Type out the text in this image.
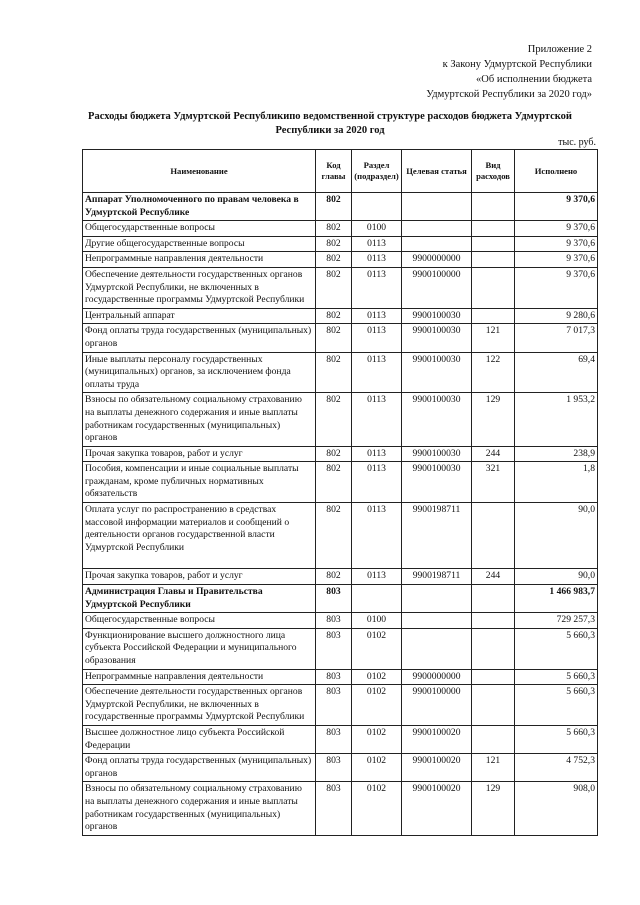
Приложение 2
к Закону Удмуртской Республики
«Об исполнении бюджета
Удмуртской Республики за 2020 год»
Расходы бюджета Удмуртской Республикипо ведомственной структуре расходов бюджета Удмуртской Республики за 2020 год
тыс. руб.
Наименование	Код главы	Раздел (подраздел)	Целевая статья	Вид расходов	Исполнено
Аппарат Уполномоченного по правам человека в Удмуртской Республике	802				9 370,6
Общегосударственные вопросы	802	0100			9 370,6
Другие общегосударственные вопросы	802	0113			9 370,6
Непрограммные направления деятельности	802	0113	9900000000		9 370,6
Обеспечение деятельности государственных органов Удмуртской Республики, не включенных в государственные программы Удмуртской Республики	802	0113	9900100000		9 370,6
Центральный аппарат	802	0113	9900100030		9 280,6
Фонд оплаты труда государственных (муниципальных) органов	802	0113	9900100030	121	7 017,3
Иные выплаты персоналу государственных (муниципальных) органов, за исключением фонда оплаты труда	802	0113	9900100030	122	69,4
Взносы по обязательному социальному страхованию на выплаты денежного содержания и иные выплаты работникам государственных (муниципальных) органов	802	0113	9900100030	129	1 953,2
Прочая закупка товаров, работ и услуг	802	0113	9900100030	244	238,9
Пособия, компенсации и иные социальные выплаты гражданам, кроме публичных нормативных обязательств	802	0113	9900100030	321	1,8
Оплата услуг по распространению в средствах массовой информации материалов и сообщений о деятельности органов государственной власти Удмуртской Республики	802	0113	9900198711		90,0
Прочая закупка товаров, работ и услуг	802	0113	9900198711	244	90,0
Администрация Главы и Правительства Удмуртской Республики	803				1 466 983,7
Общегосударственные вопросы	803	0100			729 257,3
Функционирование высшего должностного лица субъекта Российской Федерации и муниципального образования	803	0102			5 660,3
Непрограммные направления деятельности	803	0102	9900000000		5 660,3
Обеспечение деятельности государственных органов Удмуртской Республики, не включенных в государственные программы Удмуртской Республики	803	0102	9900100000		5 660,3
Высшее должностное лицо субъекта Российской Федерации	803	0102	9900100020		5 660,3
Фонд оплаты труда государственных (муниципальных) органов	803	0102	9900100020	121	4 752,3
Взносы по обязательному социальному страхованию на выплаты денежного содержания и иные выплаты работникам государственных (муниципальных) органов	803	0102	9900100020	129	908,0
